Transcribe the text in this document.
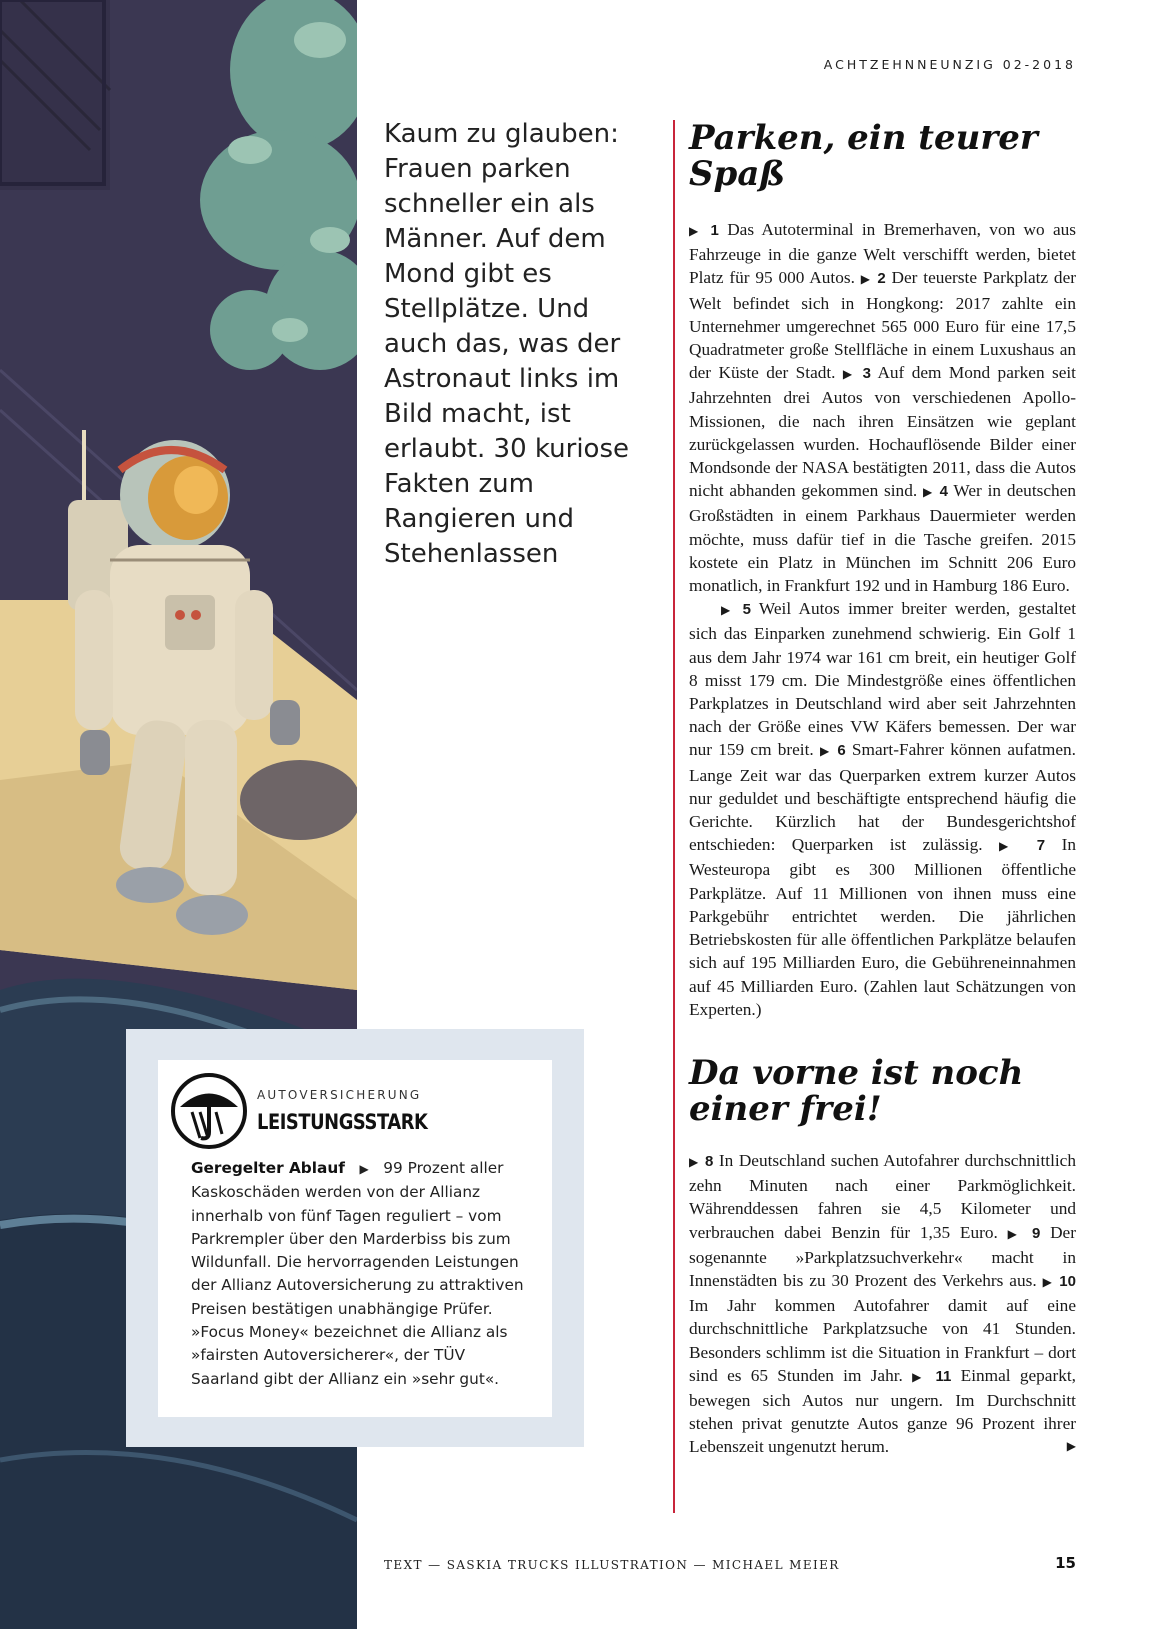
ACHTZEHNNEUNZIG 02-2018

Kaum zu glauben: Frauen parken schneller ein als Männer. Auf dem Mond gibt es Stellplätze. Und auch das, was der Astronaut links im Bild macht, ist erlaubt. 30 kuriose Fakten zum Rangieren und Stehenlassen

Parken, ein teurer Spaß

▶ 1 Das Autoterminal in Bremerhaven, von wo aus Fahrzeuge in die ganze Welt verschifft werden, bietet Platz für 95 000 Autos. ▶ 2 Der teuerste Parkplatz der Welt befindet sich in Hongkong: 2017 zahlte ein Unternehmer umgerechnet 565 000 Euro für eine 17,5 Quadratmeter große Stellfläche in einem Luxushaus an der Küste der Stadt. ▶ 3 Auf dem Mond parken seit Jahrzehnten drei Autos von verschiedenen Apollo-Missionen, die nach ihren Einsätzen wie geplant zurückgelassen wurden. Hochauflösende Bilder einer Mondsonde der NASA bestätigten 2011, dass die Autos nicht abhanden gekommen sind. ▶ 4 Wer in deutschen Großstädten in einem Parkhaus Dauermieter werden möchte, muss dafür tief in die Tasche greifen. 2015 kostete ein Platz in München im Schnitt 206 Euro monatlich, in Frankfurt 192 und in Hamburg 186 Euro.

▶ 5 Weil Autos immer breiter werden, gestaltet sich das Einparken zunehmend schwierig. Ein Golf 1 aus dem Jahr 1974 war 161 cm breit, ein heutiger Golf 8 misst 179 cm. Die Mindestgröße eines öffentlichen Parkplatzes in Deutschland wird aber seit Jahrzehnten nach der Größe eines VW Käfers bemessen. Der war nur 159 cm breit. ▶ 6 Smart-Fahrer können aufatmen. Lange Zeit war das Querparken extrem kurzer Autos nur geduldet und beschäftigte entsprechend häufig die Gerichte. Kürzlich hat der Bundesgerichtshof entschieden: Querparken ist zulässig. ▶ 7 In Westeuropa gibt es 300 Millionen öffentliche Parkplätze. Auf 11 Millionen von ihnen muss eine Parkgebühr entrichtet werden. Die jährlichen Betriebskosten für alle öffentlichen Parkplätze belaufen sich auf 195 Milliarden Euro, die Gebühreneinnahmen auf 45 Milliarden Euro. (Zahlen laut Schätzungen von Experten.)

Da vorne ist noch einer frei!

▶ 8 In Deutschland suchen Autofahrer durchschnittlich zehn Minuten nach einer Parkmöglichkeit. Währenddessen fahren sie 4,5 Kilometer und verbrauchen dabei Benzin für 1,35 Euro. ▶ 9 Der sogenannte »Parkplatzsuchverkehr« macht in Innenstädten bis zu 30 Prozent des Verkehrs aus. ▶ 10 Im Jahr kommen Autofahrer damit auf eine durchschnittliche Parkplatzsuche von 41 Stunden. Besonders schlimm ist die Situation in Frankfurt – dort sind es 65 Stunden im Jahr. ▶ 11 Einmal geparkt, bewegen sich Autos nur ungern. Im Durchschnitt stehen privat genutzte Autos ganze 96 Prozent ihrer Lebenszeit ungenutzt herum.	▶
AUTOVERSICHERUNG
LEISTUNGSSTARK

Geregelter Ablauf ▶ 99 Prozent aller Kaskoschäden werden von der Allianz innerhalb von fünf Tagen reguliert – vom Parkrempler über den Marderbiss bis zum Wildunfall. Die hervorragenden Leistungen der Allianz Autoversicherung zu attraktiven Preisen bestätigen unabhängige Prüfer. »Focus Money« bezeichnet die Allianz als »fairsten Autoversicherer«, der TÜV Saarland gibt der Allianz ein »sehr gut«.

TEXT — SASKIA TRUCKS ILLUSTRATION — MICHAEL MEIER	15
